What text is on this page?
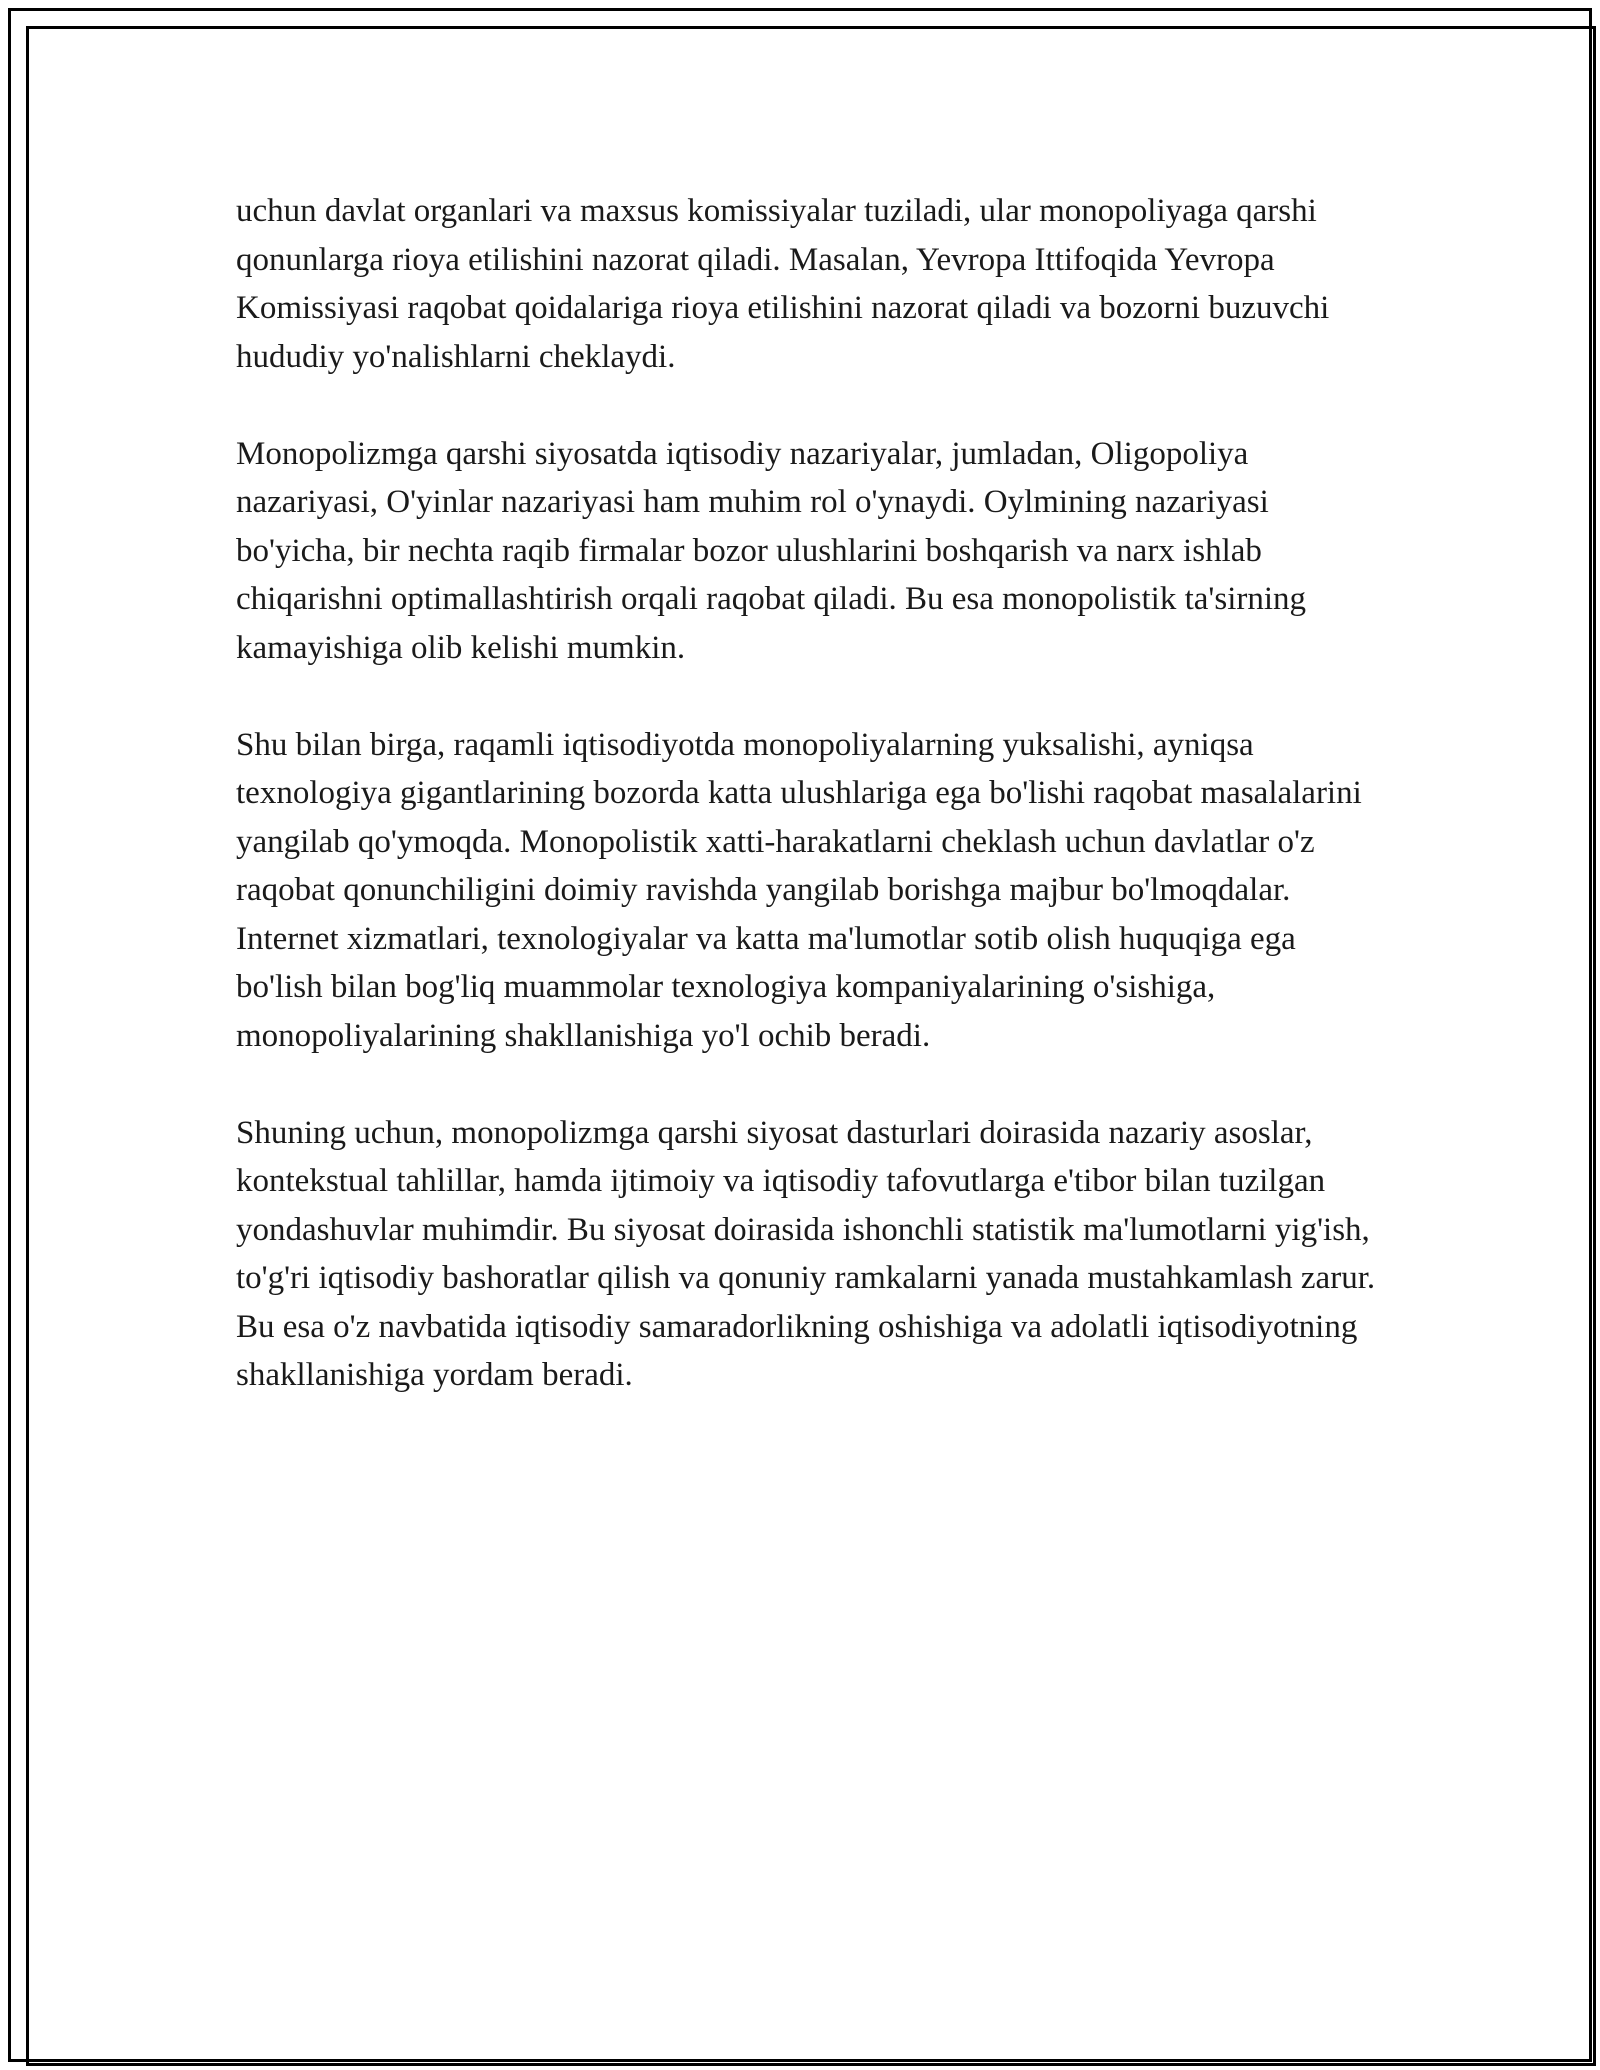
uchun davlat organlari va maxsus komissiyalar tuziladi, ular monopoliyaga qarshi qonunlarga rioya etilishini nazorat qiladi. Masalan, Yevropa Ittifoqida Yevropa Komissiyasi raqobat qoidalariga rioya etilishini nazorat qiladi va bozorni buzuvchi hududiy yo'nalishlarni cheklaydi.

Monopolizmga qarshi siyosatda iqtisodiy nazariyalar, jumladan, Oligopoliya nazariyasi, O'yinlar nazariyasi ham muhim rol o'ynaydi. Oylmining nazariyasi bo'yicha, bir nechta raqib firmalar bozor ulushlarini boshqarish va narx ishlab chiqarishni optimallashtirish orqali raqobat qiladi. Bu esa monopolistik ta'sirning kamayishiga olib kelishi mumkin.

Shu bilan birga, raqamli iqtisodiyotda monopoliyalarning yuksalishi, ayniqsa texnologiya gigantlarining bozorda katta ulushlariga ega bo'lishi raqobat masalalarini yangilab qo'ymoqda. Monopolistik xatti-harakatlarni cheklash uchun davlatlar o'z raqobat qonunchiligini doimiy ravishda yangilab borishga majbur bo'lmoqdalar. Internet xizmatlari, texnologiyalar va katta ma'lumotlar sotib olish huquqiga ega bo'lish bilan bog'liq muammolar texnologiya kompaniyalarining o'sishiga, monopoliyalarining shakllanishiga yo'l ochib beradi.

Shuning uchun, monopolizmga qarshi siyosat dasturlari doirasida nazariy asoslar, kontekstual tahlillar, hamda ijtimoiy va iqtisodiy tafovutlarga e'tibor bilan tuzilgan yondashuvlar muhimdir. Bu siyosat doirasida ishonchli statistik ma'lumotlarni yig'ish, to'g'ri iqtisodiy bashoratlar qilish va qonuniy ramkalarni yanada mustahkamlash zarur. Bu esa o'z navbatida iqtisodiy samaradorlikning oshishiga va adolatli iqtisodiyotning shakllanishiga yordam beradi.
